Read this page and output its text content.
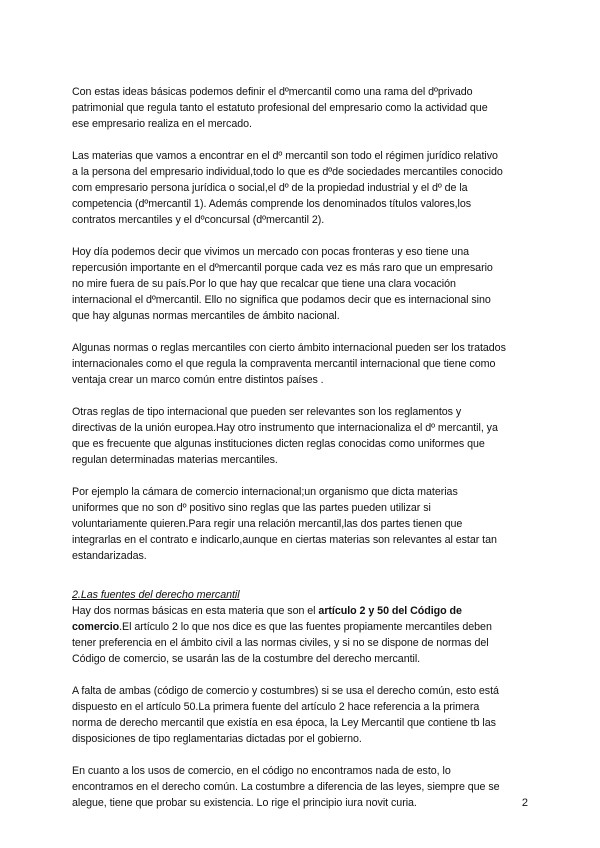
Con estas ideas básicas podemos definir el dºmercantil como una rama del dºprivado
patrimonial que regula tanto el estatuto profesional del empresario como la actividad que
ese empresario realiza en el mercado.

Las materias que vamos a encontrar en el dº mercantil son todo el régimen jurídico relativo
a la persona del empresario individual,todo lo que es dºde sociedades mercantiles conocido
com empresario persona jurídica o social,el dº de la propiedad industrial y el dº de la
competencia (dºmercantil 1). Además comprende los denominados títulos valores,los
contratos mercantiles y el dºconcursal (dºmercantil 2).

Hoy día podemos decir que vivimos un mercado con pocas fronteras y eso tiene una
repercusión importante en el dºmercantil porque cada vez es más raro que un empresario
no mire fuera de su país.Por lo que hay que recalcar que tiene una clara vocación
internacional el dºmercantil. Ello no significa que podamos decir que es internacional sino
que hay algunas normas mercantiles de ámbito nacional.

Algunas normas o reglas mercantiles con cierto ámbito internacional pueden ser los tratados
internacionales como el que regula la compraventa mercantil internacional que tiene como
ventaja crear un marco común entre distintos países .

Otras reglas de tipo internacional que pueden ser relevantes son los reglamentos y
directivas de la unión europea.Hay otro instrumento que internacionaliza el dº mercantil, ya
que es frecuente que algunas instituciones dicten reglas conocidas como uniformes que
regulan determinadas materias mercantiles.

Por ejemplo la cámara de comercio internacional;un organismo que dicta materias
uniformes que no son dº positivo sino reglas que las partes pueden utilizar si
voluntariamente quieren.Para regir una relación mercantil,las dos partes tienen que
integrarlas en el contrato e indicarlo,aunque en ciertas materias son relevantes al estar tan
estandarizadas.

2.Las fuentes del derecho mercantil

Hay dos normas básicas en esta materia que son el artículo 2 y 50 del Código de
comercio.El artículo 2 lo que nos dice es que las fuentes propiamente mercantiles deben
tener preferencia en el ámbito civil a las normas civiles, y si no se dispone de normas del
Código de comercio, se usarán las de la costumbre del derecho mercantil.

A falta de ambas (código de comercio y costumbres) si se usa el derecho común, esto está
dispuesto en el artículo 50.La primera fuente del artículo 2 hace referencia a la primera
norma de derecho mercantil que existía en esa época, la Ley Mercantil que contiene tb las
disposiciones de tipo reglamentarias dictadas por el gobierno.

En cuanto a los usos de comercio, en el código no encontramos nada de esto, lo
encontramos en el derecho común. La costumbre a diferencia de las leyes, siempre que se
alegue, tiene que probar su existencia. Lo rige el principio iura novit curia.	2
